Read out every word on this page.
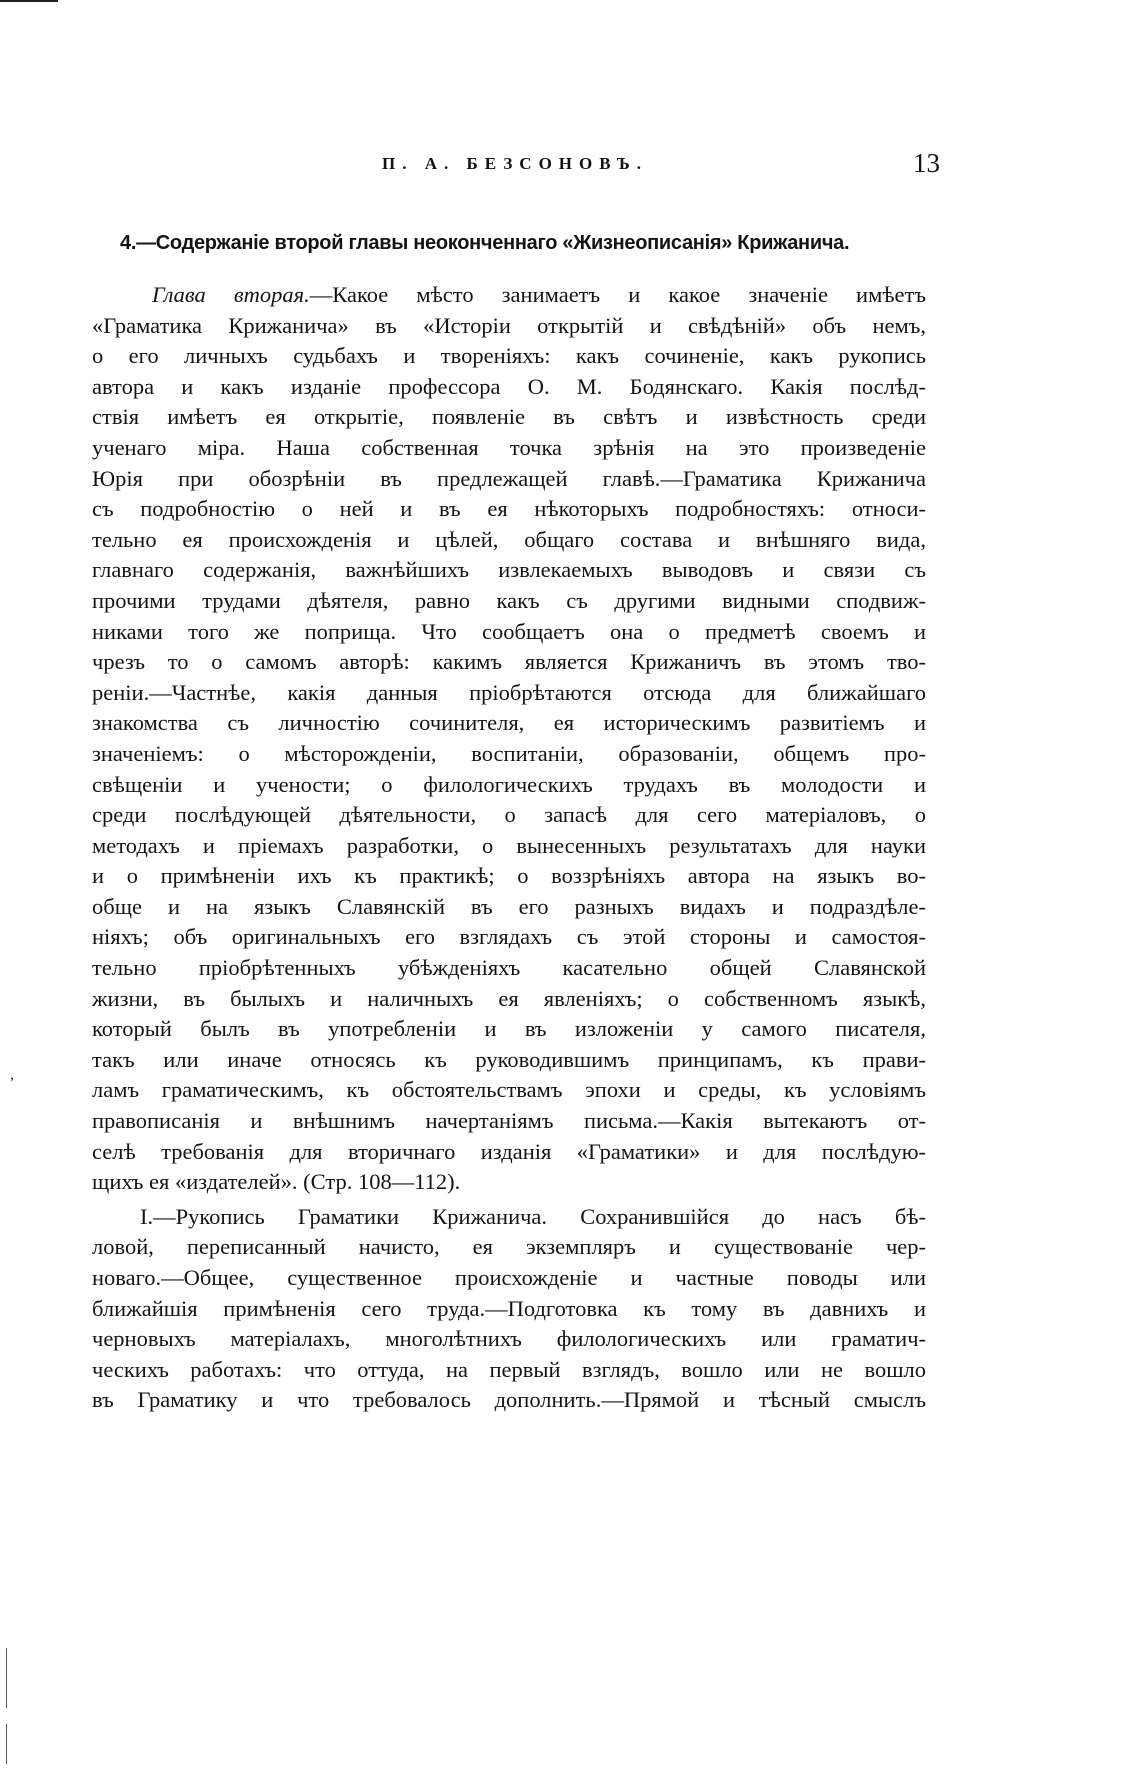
,
П. А. БЕЗСОНОВЪ.	13
4.—Содержаніе второй главы неоконченнаго «Жизнеописанія» Крижанича.
Глава вторая.—Какое мѣсто занимаетъ и какое значеніе имѣетъ
«Граматика Крижанича» въ «Исторіи открытій и свѣдѣній» объ немъ,
о его личныхъ судьбахъ и твореніяхъ: какъ сочиненіе, какъ рукопись
автора и какъ изданіе профессора О. М. Бодянскаго. Какія послѣд-
ствія имѣетъ ея открытіе, появленіе въ свѣтъ и извѣстность среди
ученаго міра. Наша собственная точка зрѣнія на это произведеніе
Юрія при обозрѣніи въ предлежащей главѣ.—Граматика Крижанича
съ подробностію о ней и въ ея нѣкоторыхъ подробностяхъ: относи-
тельно ея происхожденія и цѣлей, общаго состава и внѣшняго вида,
главнаго содержанія, важнѣйшихъ извлекаемыхъ выводовъ и связи съ
прочими трудами дѣятеля, равно какъ съ другими видными сподвиж-
никами того же поприща. Что сообщаетъ она о предметѣ своемъ и
чрезъ то о самомъ авторѣ: какимъ является Крижаничъ въ этомъ тво-
реніи.—Частнѣе, какія данныя пріобрѣтаются отсюда для ближайшаго
знакомства съ личностію сочинителя, ея историческимъ развитіемъ и
значеніемъ: о мѣсторожденіи, воспитаніи, образованіи, общемъ про-
свѣщеніи и учености; о филологическихъ трудахъ въ молодости и
среди послѣдующей дѣятельности, о запасѣ для сего матеріаловъ, о
методахъ и пріемахъ разработки, о вынесенныхъ результатахъ для науки
и о примѣненіи ихъ къ практикѣ; о воззрѣніяхъ автора на языкъ во-
обще и на языкъ Славянскій въ его разныхъ видахъ и подраздѣле-
ніяхъ; объ оригинальныхъ его взглядахъ съ этой стороны и самостоя-
тельно пріобрѣтенныхъ убѣжденіяхъ касательно общей Славянской
жизни, въ былыхъ и наличныхъ ея явленіяхъ; о собственномъ языкѣ,
который былъ въ употребленіи и въ изложеніи у самого писателя,
такъ или иначе относясь къ руководившимъ принципамъ, къ прави-
ламъ граматическимъ, къ обстоятельствамъ эпохи и среды, къ условіямъ
правописанія и внѣшнимъ начертаніямъ письма.—Какія вытекаютъ от-
селѣ требованія для вторичнаго изданія «Граматики» и для послѣдую-
щихъ ея «издателей». (Стр. 108—112).
I.—Рукопись Граматики Крижанича. Сохранившійся до насъ бѣ-
ловой, переписанный начисто, ея экземпляръ и существованіе чер-
новаго.—Общее, существенное происхожденіе и частные поводы или
ближайшія примѣненія сего труда.—Подготовка къ тому въ давнихъ и
черновыхъ матеріалахъ, многолѣтнихъ филологическихъ или граматич-
ческихъ работахъ: что оттуда, на первый взглядъ, вошло или не вошло
въ Граматику и что требовалось дополнить.—Прямой и тѣсный смыслъ
